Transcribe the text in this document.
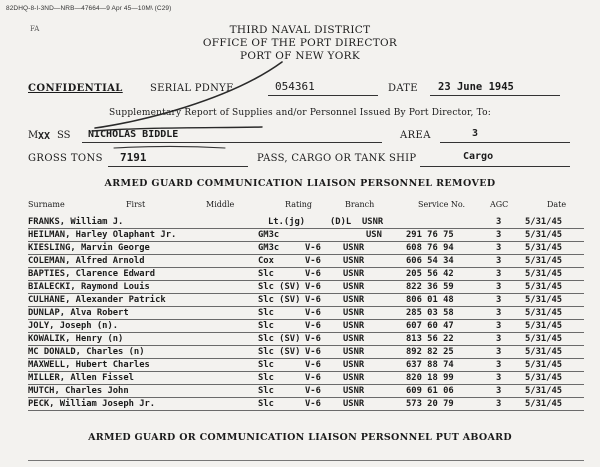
82DHQ-8-I-3ND—NRB—47664—9 Apr 45—10M\ (C29)
FA	THIRD NAVAL DISTRICT
OFFICE OF THE PORT DIRECTOR
PORT OF NEW YORK
CONFIDENTIAL	SERIAL PDNYF	054361	DATE 23 June 1945
Supplementary Report of Supplies and/or Personnel Issued By Port Director, To:
M XX SS NICHOLAS BIDDLE	AREA	3
GROSS TONS 7191	PASS, CARGO OR TANK SHIP	Cargo
ARMED GUARD COMMUNICATION LIAISON PERSONNEL REMOVED
Surname	First	Middle	Rating	Branch	Service No.	AGC	Date
FRANKS, William J.	Lt.(jg)	(D)L USNR	3	5/31/45
HEILMAN, Harley Olaphant Jr.	GM3c	USN	291 76 75	3	5/31/45
KIESLING, Marvin George	GM3c	V-6	USNR	608 76 94	3	5/31/45
COLEMAN, Alfred Arnold	Cox	V-6	USNR	606 54 34	3	5/31/45
BAPTIES, Clarence Edward	Slc	V-6	USNR	205 56 42	3	5/31/45
BIALECKI, Raymond Louis	Slc (SV) V-6	USNR	822 36 59	3	5/31/45
CULHANE, Alexander Patrick	Slc (SV) V-6	USNR	806 01 48	3	5/31/45
DUNLAP, Alva Robert	Slc	V-6	USNR	285 03 58	3	5/31/45
JOLY, Joseph (n).	Slc	V-6	USNR	607 60 47	3	5/31/45
KOWALIK, Henry (n)	Slc (SV) V-6	USNR	813 56 22	3	5/31/45
MC DONALD, Charles (n)	Slc (SV) V-6	USNR	892 82 25	3	5/31/45
MAXWELL, Hubert Charles	Slc	V-6	USNR	637 88 74	3	5/31/45
MILLER, Allen Fissel	Slc	V-6	USNR	820 18 99	3	5/31/45
MUTCH, Charles John	Slc	V-6	USNR	609 61 06	3	5/31/45
PECK, William Joseph Jr.	Slc	V-6	USNR	573 20 79	3	5/31/45
ARMED GUARD OR COMMUNICATION LIAISON PERSONNEL PUT ABOARD
